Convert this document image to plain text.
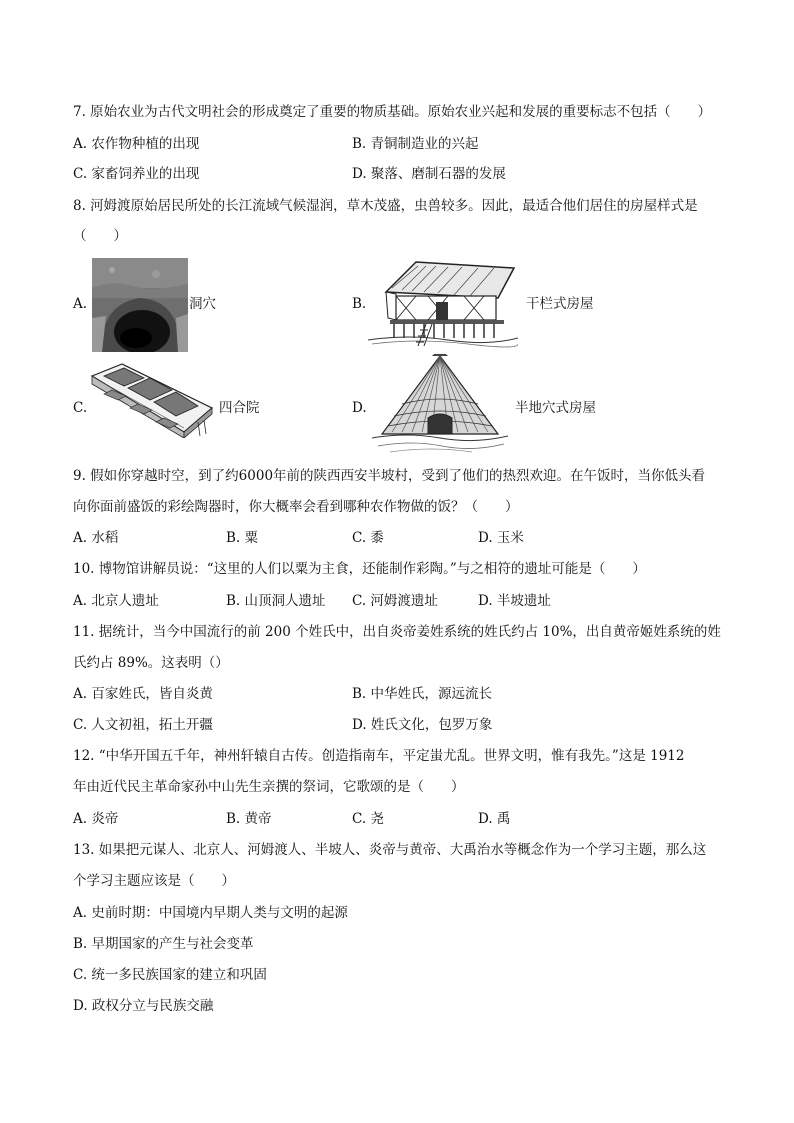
7. 原始农业为古代文明社会的形成奠定了重要的物质基础。原始农业兴起和发展的重要标志不包括（　　）
A. 农作物种植的出现	B. 青铜制造业的兴起
C. 家畜饲养业的出现	D. 聚落、磨制石器的发展
8. 河姆渡原始居民所处的长江流域气候湿润，草木茂盛，虫兽较多。因此，最适合他们居住的房屋样式是
（　　）
A.	洞穴	B.	干栏式房屋
C.	四合院	D.	半地穴式房屋
9. 假如你穿越时空，到了约6000年前的陕西西安半坡村，受到了他们的热烈欢迎。在午饭时，当你低头看
向你面前盛饭的彩绘陶器时，你大概率会看到哪种农作物做的饭？（　　）
A. 水稻	B. 粟	C. 黍	D. 玉米
10. 博物馆讲解员说：“这里的人们以粟为主食，还能制作彩陶。”与之相符的遗址可能是（　　）
A. 北京人遗址	B. 山顶洞人遗址 C. 河姆渡遗址	D. 半坡遗址
11. 据统计，当今中国流行的前 200 个姓氏中，出自炎帝姜姓系统的姓氏约占 10%，出自黄帝姬姓系统的姓
氏约占 89%。这表明（）
A. 百家姓氏，皆自炎黄	B. 中华姓氏，源远流长
C. 人文初祖，拓土开疆	D. 姓氏文化，包罗万象
12. “中华开国五千年，神州轩辕自古传。创造指南车，平定蚩尤乱。世界文明，惟有我先。”这是 1912
年由近代民主革命家孙中山先生亲撰的祭词，它歌颂的是（　　）
A. 炎帝	B. 黄帝	C. 尧	D. 禹
13. 如果把元谋人、北京人、河姆渡人、半坡人、炎帝与黄帝、大禹治水等概念作为一个学习主题，那么这
个学习主题应该是（　　）
A. 史前时期：中国境内早期人类与文明的起源
B. 早期国家的产生与社会变革
C. 统一多民族国家的建立和巩固
D. 政权分立与民族交融
